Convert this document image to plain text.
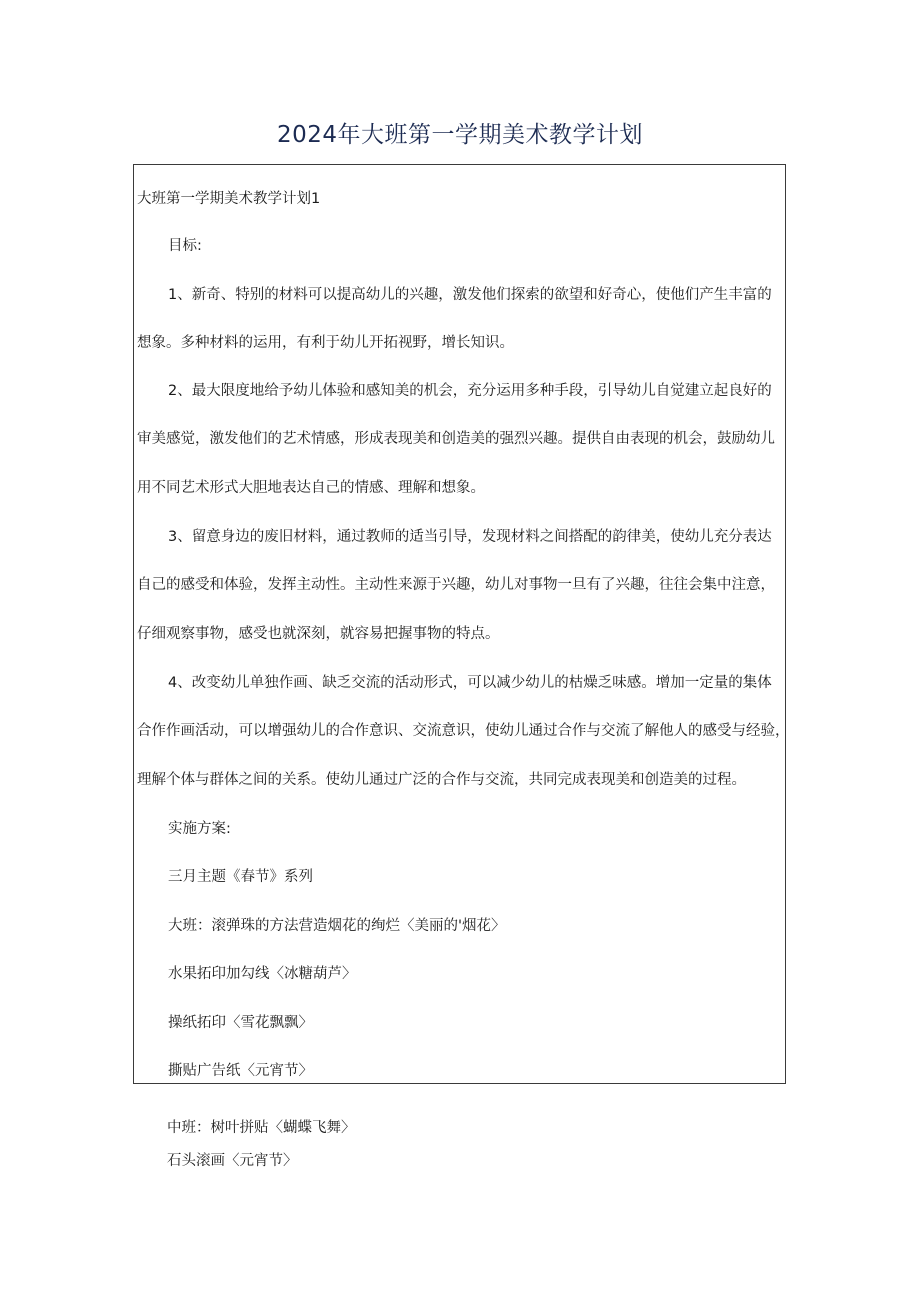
2024年大班第一学期美术教学计划
大班第一学期美术教学计划1
目标:
1、新奇、特别的材料可以提高幼儿的兴趣，激发他们探索的欲望和好奇心，使他们产生丰富的
想象。多种材料的运用，有利于幼儿开拓视野，增长知识。
2、最大限度地给予幼儿体验和感知美的机会，充分运用多种手段，引导幼儿自觉建立起良好的
审美感觉，激发他们的艺术情感，形成表现美和创造美的强烈兴趣。提供自由表现的机会，鼓励幼儿
用不同艺术形式大胆地表达自己的情感、理解和想象。
3、留意身边的废旧材料，通过教师的适当引导，发现材料之间搭配的韵律美，使幼儿充分表达
自己的感受和体验，发挥主动性。主动性来源于兴趣，幼儿对事物一旦有了兴趣，往往会集中注意，
仔细观察事物，感受也就深刻，就容易把握事物的特点。
4、改变幼儿单独作画、缺乏交流的活动形式，可以减少幼儿的枯燥乏味感。增加一定量的集体
合作作画活动，可以增强幼儿的合作意识、交流意识，使幼儿通过合作与交流了解他人的感受与经验，
理解个体与群体之间的关系。使幼儿通过广泛的合作与交流，共同完成表现美和创造美的过程。
实施方案:
三月主题《春节》系列
大班：滚弹珠的方法营造烟花的绚烂〈美丽的'烟花〉
水果拓印加勾线〈冰糖葫芦〉
操纸拓印〈雪花飘飘〉
撕贴广告纸〈元宵节〉
中班：树叶拼贴〈蝴蝶飞舞〉
石头滚画〈元宵节〉
